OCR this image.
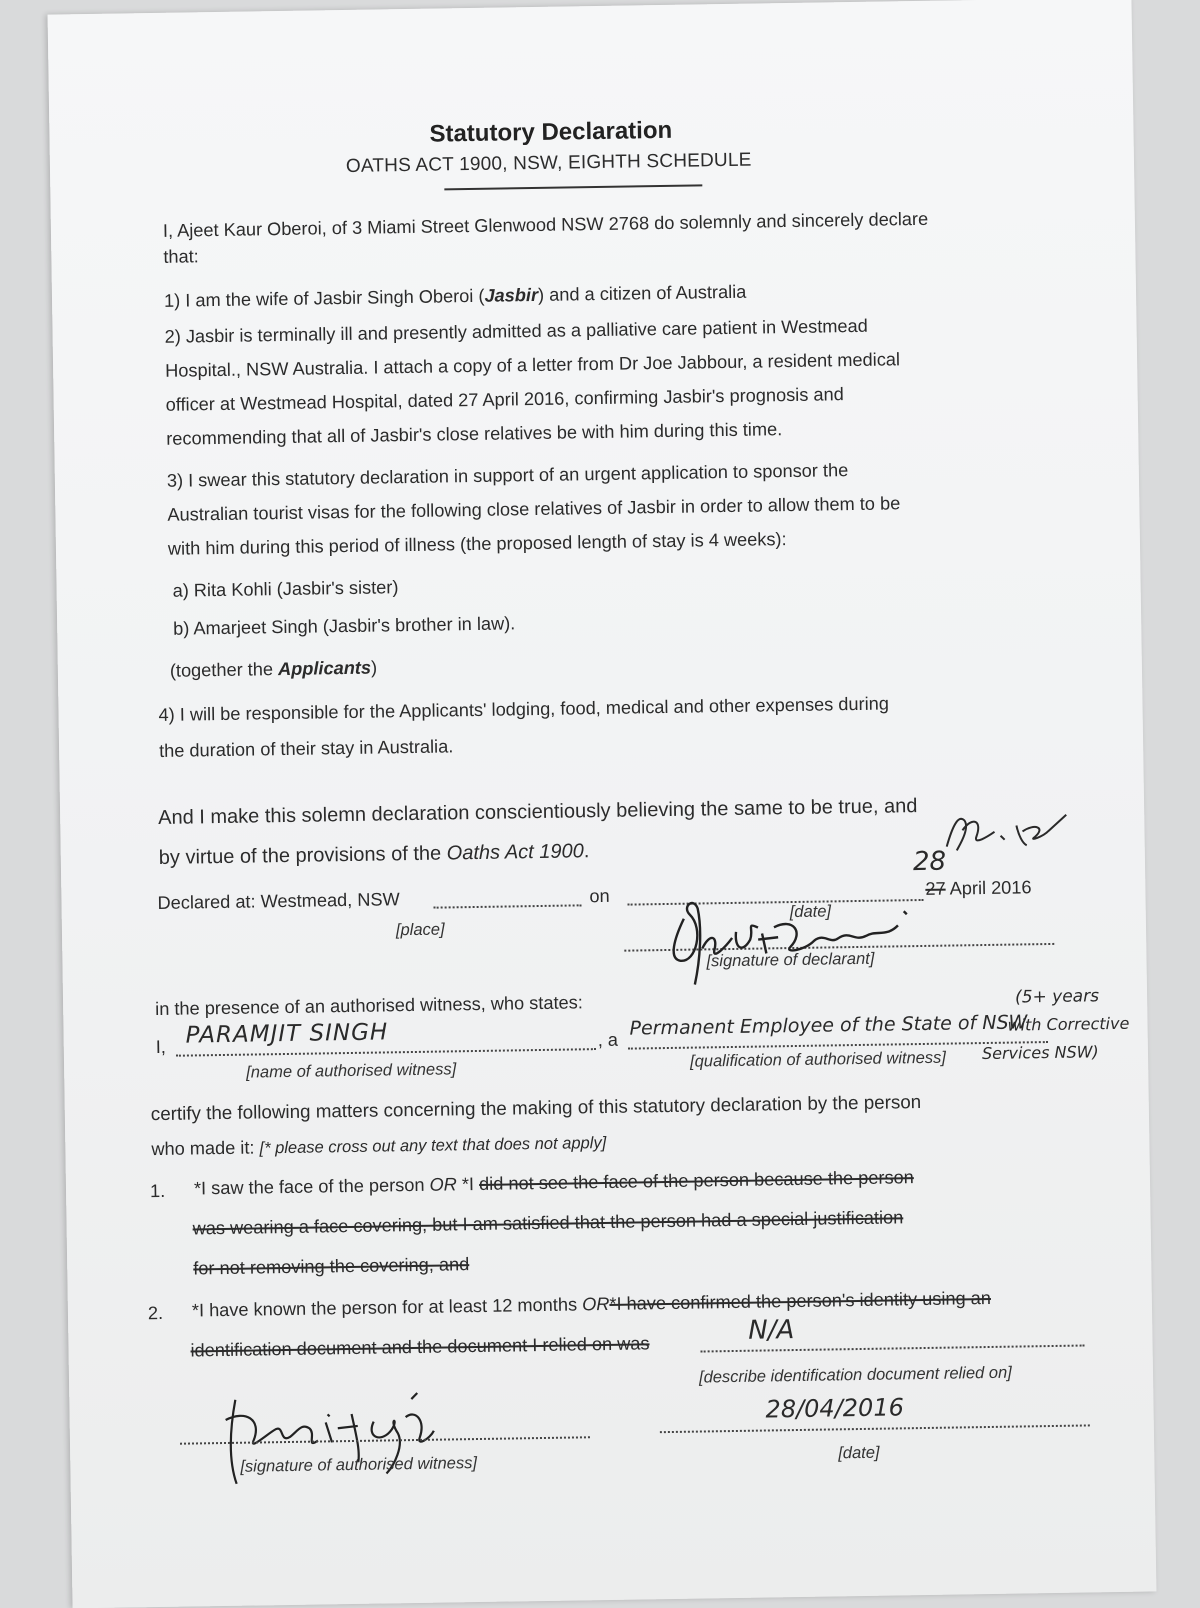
Statutory Declaration
OATHS ACT 1900, NSW, EIGHTH SCHEDULE
I, Ajeet Kaur Oberoi, of 3 Miami Street Glenwood NSW 2768 do solemnly and sincerely declare
that:
1) I am the wife of Jasbir Singh Oberoi (Jasbir) and a citizen of Australia
2) Jasbir is terminally ill and presently admitted as a palliative care patient in Westmead
Hospital., NSW Australia. I attach a copy of a letter from Dr Joe Jabbour, a resident medical
officer at Westmead Hospital, dated 27 April 2016, confirming Jasbir's prognosis and
recommending that all of Jasbir's close relatives be with him during this time.
3) I swear this statutory declaration in support of an urgent application to sponsor the
Australian tourist visas for the following close relatives of Jasbir in order to allow them to be
with him during this period of illness (the proposed length of stay is 4 weeks):
a) Rita Kohli (Jasbir's sister)
b) Amarjeet Singh (Jasbir's brother in law).
(together the Applicants)
4) I will be responsible for the Applicants' lodging, food, medical and other expenses during
the duration of their stay in Australia.
And I make this solemn declaration conscientiously believing the same to be true, and
by virtue of the provisions of the Oaths Act 1900.
Declared at: Westmead, NSW	on	27 April 2016
[place]
[date]
28
[signature of declarant]
in the presence of an authorised witness, who states:
I, PARAMJIT SINGH	, a
Permanent Employee of the State of NSW
(5+ years
with Corrective
Services NSW)
[name of authorised witness]
[qualification of authorised witness]
certify the following matters concerning the making of this statutory declaration by the person
who made it: [* please cross out any text that does not apply]
1. *I saw the face of the person OR *I did not see the face of the person because the person
was wearing a face covering, but I am satisfied that the person had a special justification
for not removing the covering, and
2. *I have known the person for at least 12 months OR*I have confirmed the person's identity using an
identification document and the document I relied on was
N/A
[describe identification document relied on]
[signature of authorised witness]
28/04/2016
[date]
